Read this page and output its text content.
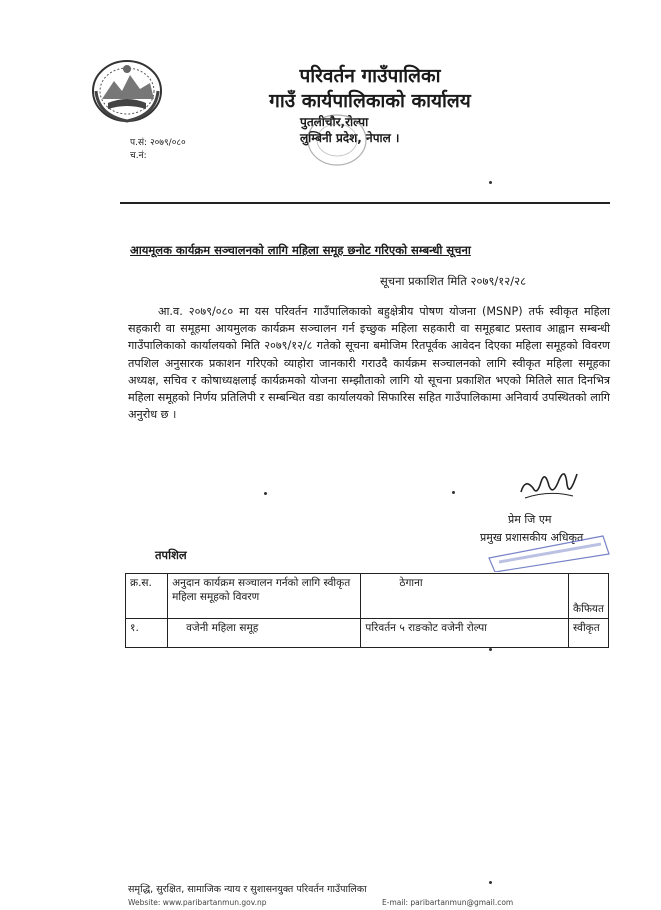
परिवर्तन गाउँपालिका
गाउँ कार्यपालिकाको कार्यालय
पुतलीचौर,रोल्पा
लुम्बिनी प्रदेश, नेपाल ।
प.सं: २०७९/०८०
च.नं:
आयमूलक कार्यक्रम सञ्चालनको लागि महिला समूह छनोट गरिएको सम्बन्धी सूचना
सूचना प्रकाशित मिति २०७९/१२/२८
आ.व. २०७९/०८० मा यस परिवर्तन गाउँपालिकाको बहुक्षेत्रीय पोषण योजना (MSNP) तर्फ स्वीकृत महिला सहकारी वा समूहमा आयमुलक कार्यक्रम सञ्चालन गर्न इच्छुक महिला सहकारी वा समूहबाट प्रस्ताव आह्वान सम्बन्धी गाउँपालिकाको कार्यालयको मिति २०७९/१२/८ गतेको सूचना बमोजिम रितपूर्वक आवेदन दिएका महिला समूहको विवरण तपशिल अनुसारक प्रकाशन गरिएको व्याहोरा जानकारी गराउदै कार्यक्रम सञ्चालनको लागि स्वीकृत महिला समूहका अध्यक्ष, सचिव र कोषाध्यक्षलाई कार्यक्रमको योजना सम्झौताको लागि यो सूचना प्रकाशित भएको मितिले सात दिनभित्र महिला समूहको निर्णय प्रतिलिपी र सम्बन्धित वडा कार्यालयको सिफारिस सहित गाउँपालिकामा अनिवार्य उपस्थितको लागि अनुरोध छ ।
प्रेम जि एम
प्रमुख प्रशासकीय अधिकृत
तपशिल
क्र.स.	अनुदान कार्यक्रम सञ्चालन गर्नको लागि स्वीकृत महिला समूहको विवरण	ठेगाना	कैफियत
१.	वजेनी महिला समूह	परिवर्तन ५ राङकोट वजेनी रोल्पा	स्वीकृत
समृद्धि, सुरक्षित, सामाजिक न्याय र सुशासनयुक्त परिवर्तन गाउँपालिका
Website: www.paribartanmun.gov.np	E-mail: paribartanmun@gmail.com
